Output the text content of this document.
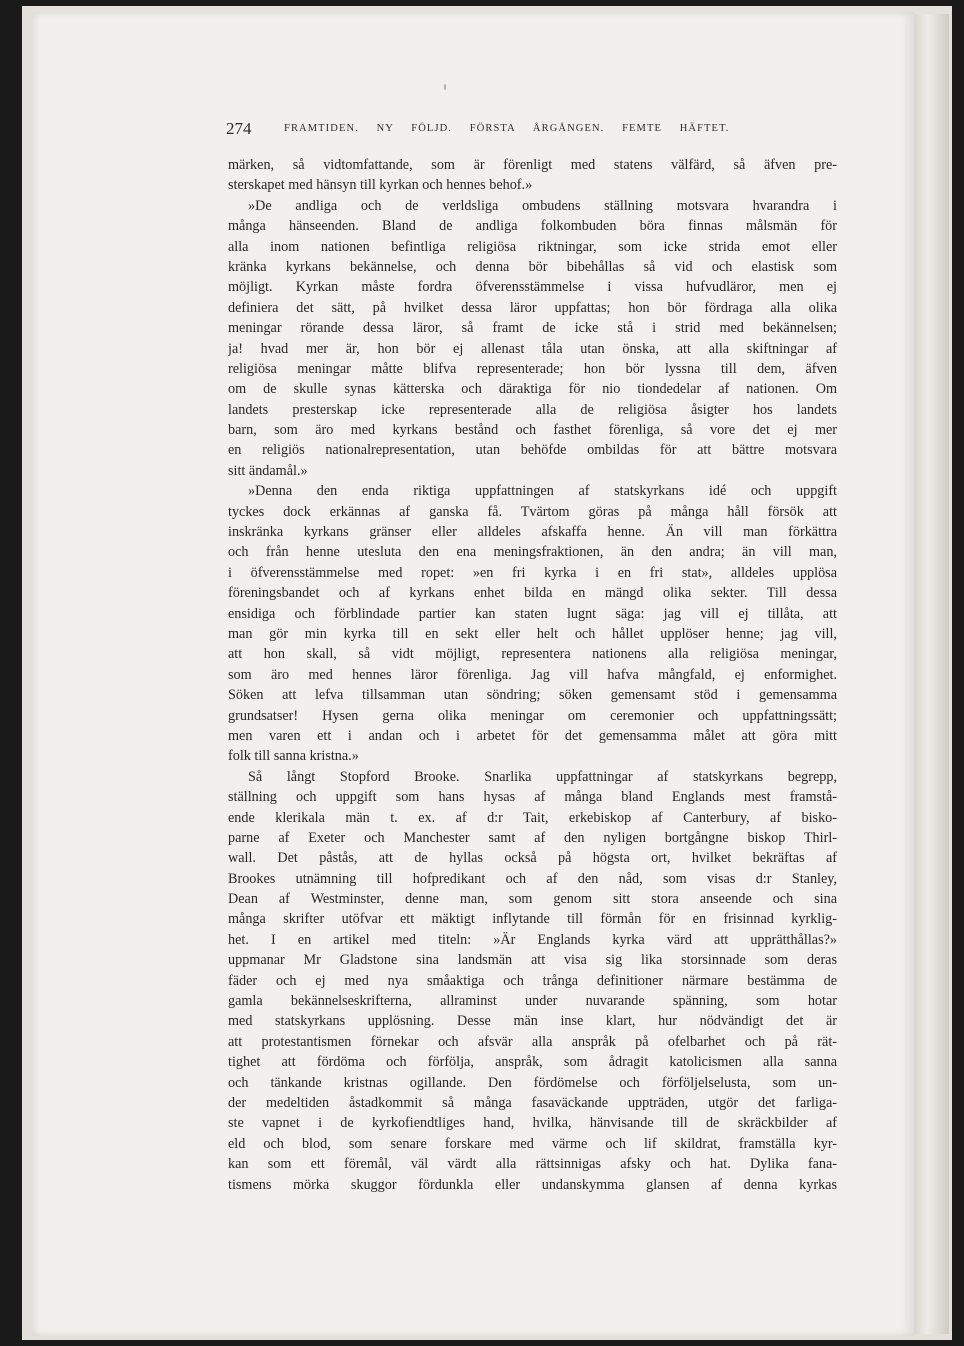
274	FRAMTIDEN. NY FÖLJD. FÖRSTA ÅRGÅNGEN. FEMTE HÄFTET.
märken, så vidtomfattande, som är förenligt med statens välfärd, så äfven pre-
sterskapet med hänsyn till kyrkan och hennes behof.»
»De andliga och de verldsliga ombudens ställning motsvara hvarandra i
många hänseenden. Bland de andliga folkombuden böra finnas målsmän för
alla inom nationen befintliga religiösa riktningar, som icke strida emot eller
kränka kyrkans bekännelse, och denna bör bibehållas så vid och elastisk som
möjligt. Kyrkan måste fordra öfverensstämmelse i vissa hufvudläror, men ej
definiera det sätt, på hvilket dessa läror uppfattas; hon bör fördraga alla olika
meningar rörande dessa läror, så framt de icke stå i strid med bekännelsen;
ja! hvad mer är, hon bör ej allenast tåla utan önska, att alla skiftningar af
religiösa meningar måtte blifva representerade; hon bör lyssna till dem, äfven
om de skulle synas kätterska och däraktiga för nio tiondedelar af nationen. Om
landets presterskap icke representerade alla de religiösa åsigter hos landets
barn, som äro med kyrkans bestånd och fasthet förenliga, så vore det ej mer
en religiös nationalrepresentation, utan behöfde ombildas för att bättre motsvara
sitt ändamål.»
»Denna den enda riktiga uppfattningen af statskyrkans idé och uppgift
tyckes dock erkännas af ganska få. Tvärtom göras på många håll försök att
inskränka kyrkans gränser eller alldeles afskaffa henne. Än vill man förkättra
och från henne utesluta den ena meningsfraktionen, än den andra; än vill man,
i öfverensstämmelse med ropet: »en fri kyrka i en fri stat», alldeles upplösa
föreningsbandet och af kyrkans enhet bilda en mängd olika sekter. Till dessa
ensidiga och förblindade partier kan staten lugnt säga: jag vill ej tillåta, att
man gör min kyrka till en sekt eller helt och hållet upplöser henne; jag vill,
att hon skall, så vidt möjligt, representera nationens alla religiösa meningar,
som äro med hennes läror förenliga. Jag vill hafva mångfald, ej enformighet.
Söken att lefva tillsamman utan söndring; söken gemensamt stöd i gemensamma
grundsatser! Hysen gerna olika meningar om ceremonier och uppfattningssätt;
men varen ett i andan och i arbetet för det gemensamma målet att göra mitt
folk till sanna kristna.»
Så långt Stopford Brooke. Snarlika uppfattningar af statskyrkans begrepp,
ställning och uppgift som hans hysas af många bland Englands mest framstå-
ende klerikala män t. ex. af d:r Tait, erkebiskop af Canterbury, af bisko-
parne af Exeter och Manchester samt af den nyligen bortgångne biskop Thirl-
wall. Det påstås, att de hyllas också på högsta ort, hvilket bekräftas af
Brookes utnämning till hofpredikant och af den nåd, som visas d:r Stanley,
Dean af Westminster, denne man, som genom sitt stora anseende och sina
många skrifter utöfvar ett mäktigt inflytande till förmån för en frisinnad kyrklig-
het. I en artikel med titeln: »Är Englands kyrka värd att upprätthållas?»
uppmanar Mr Gladstone sina landsmän att visa sig lika storsinnade som deras
fäder och ej med nya småaktiga och trånga definitioner närmare bestämma de
gamla bekännelseskrifterna, allraminst under nuvarande spänning, som hotar
med statskyrkans upplösning. Desse män inse klart, hur nödvändigt det är
att protestantismen förnekar och afsvär alla anspråk på ofelbarhet och på rät-
tighet att fördöma och förfölja, anspråk, som ådragit katolicismen alla sanna
och tänkande kristnas ogillande. Den fördömelse och förföljelselusta, som un-
der medeltiden åstadkommit så många fasaväckande uppträden, utgör det farliga-
ste vapnet i de kyrkofiendtliges hand, hvilka, hänvisande till de skräckbilder af
eld och blod, som senare forskare med värme och lif skildrat, framställa kyr-
kan som ett föremål, väl värdt alla rättsinnigas afsky och hat. Dylika fana-
tismens mörka skuggor fördunkla eller undanskymma glansen af denna kyrkas
